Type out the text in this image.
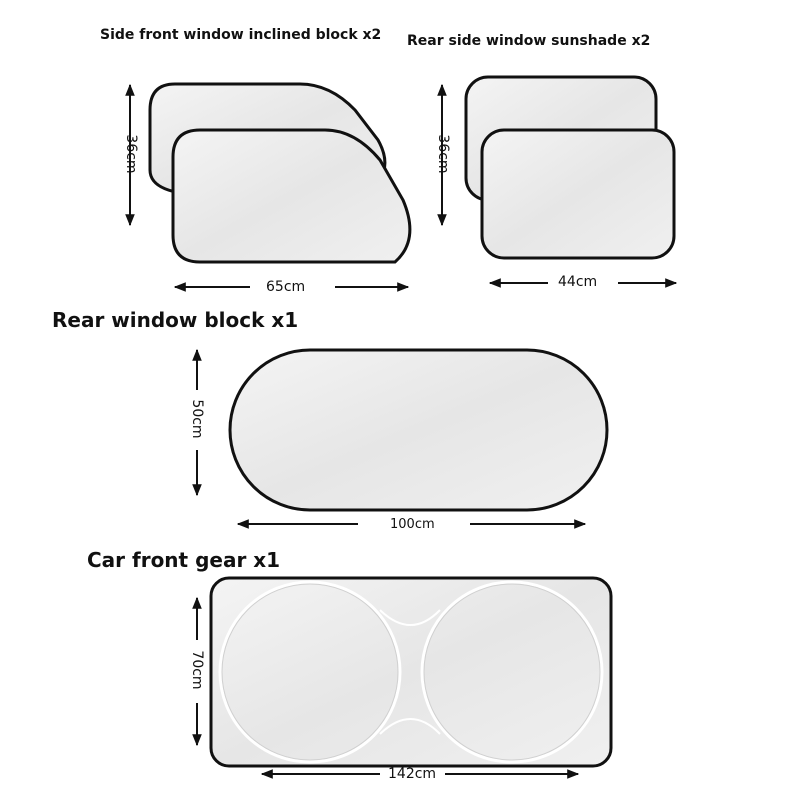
Side front window inclined block x2 Rear side window sunshade x2
Rear window block x1
Car front gear x1
36cm
65cm
36cm
44cm
50cm
100cm
70cm
142cm
